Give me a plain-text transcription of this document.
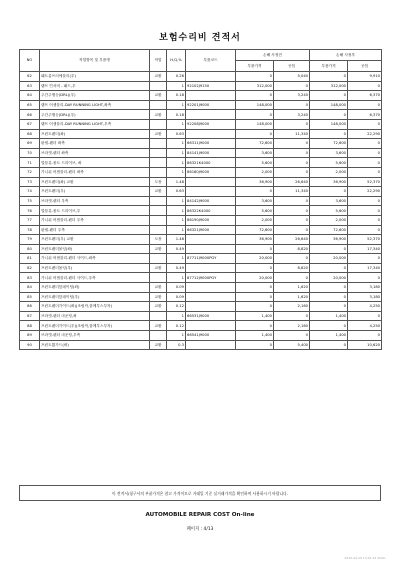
보험수리비 견적서
NO	작업항목 및 부품명	작업	H,Q,%	부품코드	손해 사정전		손해 사정후	
					부품가격	공임	부품가격	공임
62	패트롬프러에블리(우)	교환	0.26		0	5,040	0	9,910
63	램프 인서비 - 패드,우		1	92102J9150	312,000	0	312,000	0
64	주간주행등(DRL)(우)	교환	0.18		0	3,240	0	6,370
65	램프 어셈블리-DAY RUNNING LIGHT,좌측		1	92201J9000	148,000	0	148,000	0
66	주간주행등(DRL)(우)	교환	0.18		0	3,240	0	6,370
67	램프 어셈블리-DAY RUNNING LIGHT,우측		1	92208J9000	148,000	0	148,000	0
68	프런트펜더(좌)	교환	0.63		0	11,340	0	22,290
69	판넬-펜더 좌측		1	66311J9000	72,600	0	72,600	0
70	브라켓-펜더 좌측		1	84141J9000	3,600	0	3,600	0
71	멀블류-볼트 드리이브, 좌		1	86321K4000	5,600	0	5,600	0
72	가니쉬 어셈블리-펜더 좌측		1	86180J9000	2,000	0	2,000	0
73	프런트펜더(좌) 교환	도장	1.48		36,900	26,640	36,900	52,370
74	프런트펜더(우)	교환	0.63		0	11,340	0	22,290
75	브라켓-펜더 우측		1	84142J9000	3,600	0	3,600	0
76	멀블류-볼트 드리이브,우		1	86322K4000	5,600	0	5,600	0
77	가니쉬 어셈블리-펜더 우측		1	86190J9000	2,000	0	2,000	0
78	판넬-펜더 우측		1	66321J9000	72,600	0	72,600	0
79	프런트펜더(우) 교환	도장	1.48		36,900	26,640	36,900	52,370
80	프런트펜더몰딩(좌)	교환	0.49		0	8,820	0	17,340
81	가니쉬 어셈블리-펜더 사이드,좌측		1	87711J9000PGY	20,000	0	20,000	0
82	프런트펜더몰딩(우)	교환	0.49		0	8,820	0	17,340
83	가니쉬 어셈블리-펜더 사이드,우측		1	87712J9000PGY	20,000	0	20,000	0
84	프런트펜더앞데이팅(좌)	교환	0.09		0	1,620	0	3,180
85	프런트펜더앞데이팅(우)	교환	0.09		0	1,620	0	3,180
86	프런트펜더가이드(좌)(조립작,함께부스부착)	교환	0.12		0	2,160	0	4,250
87	브라켓-펜더 마운팅,좌		1	66531J9000	1,400	0	1,400	0
88	프런트펜더가이드(우)(조립작,함께부스부착)	교환	0.12		0	2,160	0	4,250
89	브라켓-펜더 마운팅,우측		1	66541J9000	1,400	0	1,400	0
90	프런트휠가드(좌)	교환	0.3		0	5,400	0	10,620
이 견적서/청구서의 부품가격은 참고 가격이므로 거래일 기준 실거래가격을 확인하여 사용하시기 바랍니다.
AUTOMOBILE REPAIR COST On-line
페이지 : 4/13
2020-04-29 13:02 43 0000-
